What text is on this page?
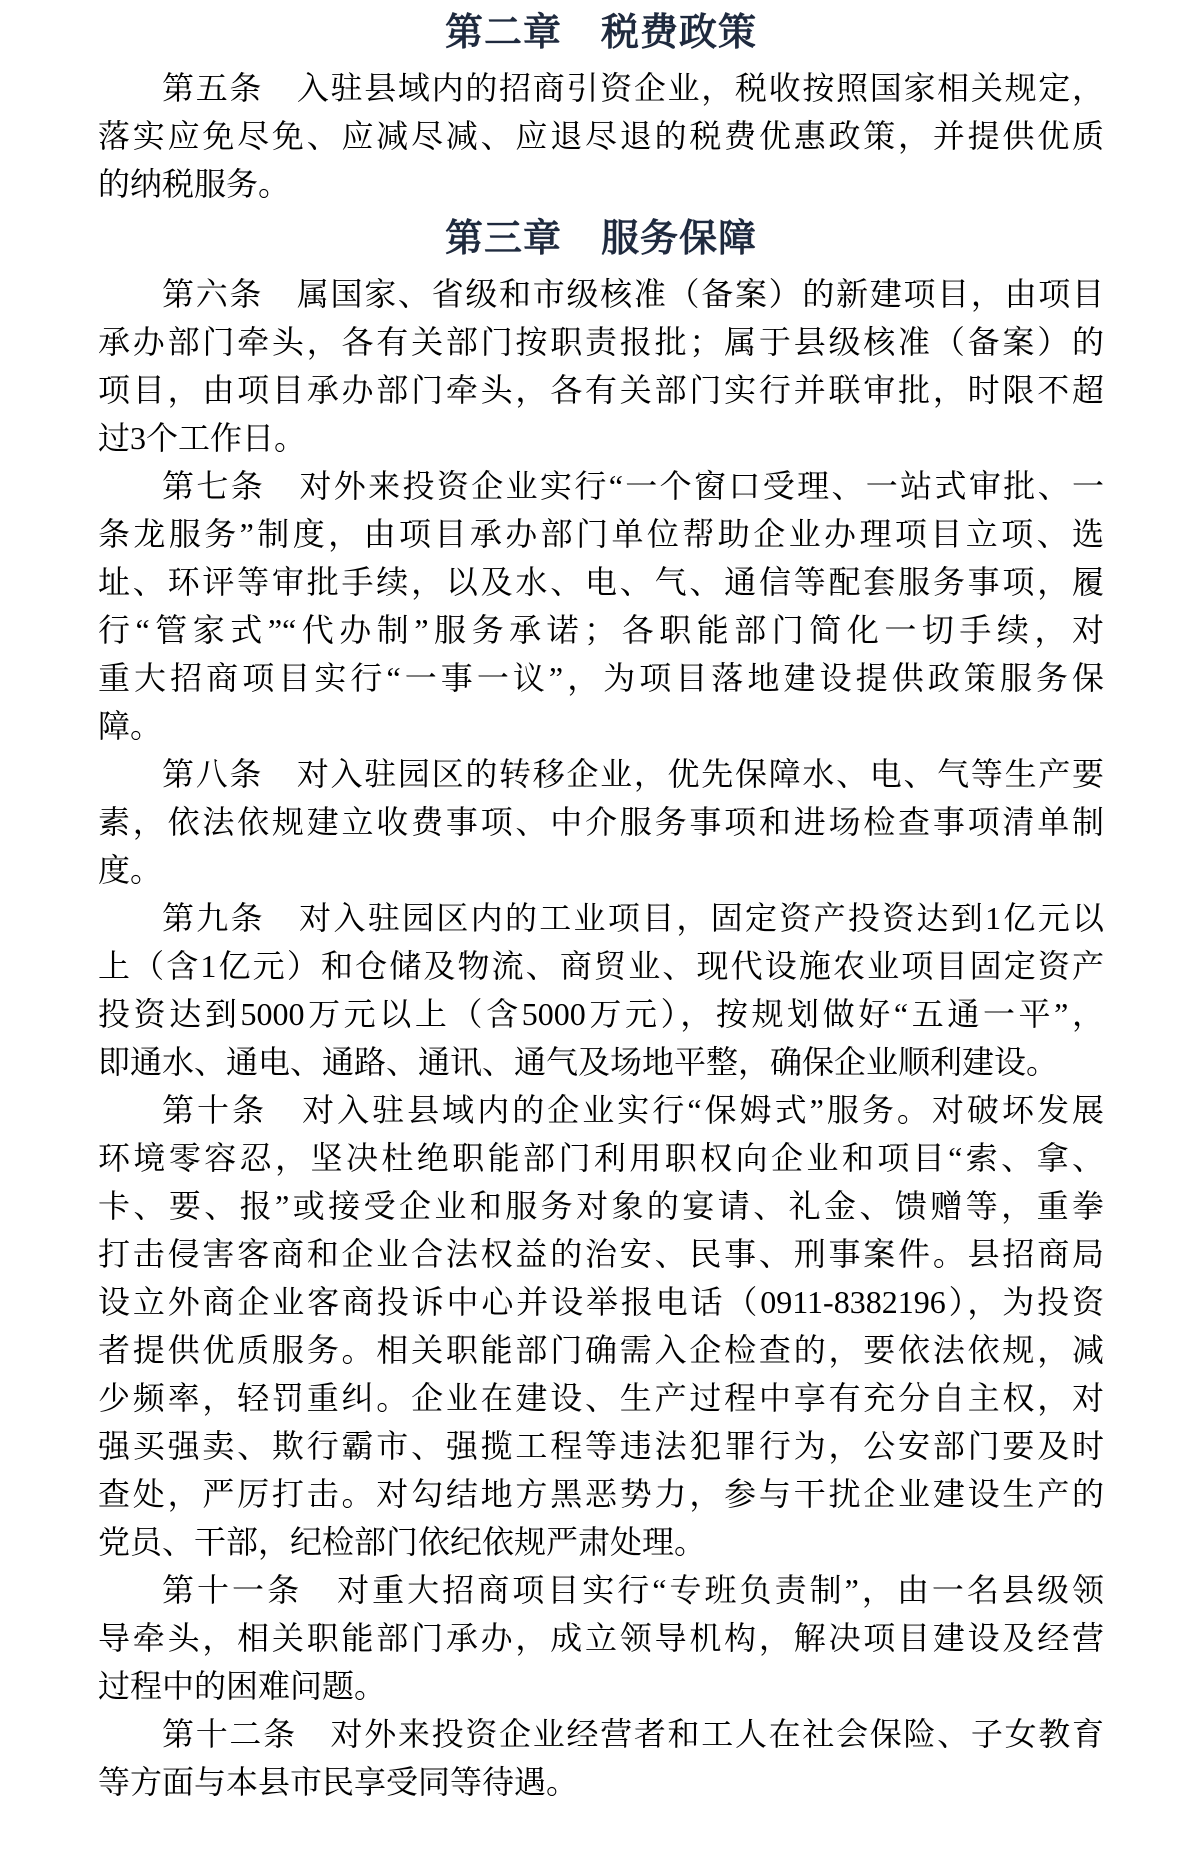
第二章　税费政策
第五条　入驻县域内的招商引资企业，税收按照国家相关规定，
落实应免尽免、应减尽减、应退尽退的税费优惠政策，并提供优质
的纳税服务。
第三章　服务保障
第六条　属国家、省级和市级核准（备案）的新建项目，由项目
承办部门牵头，各有关部门按职责报批；属于县级核准（备案）的
项目，由项目承办部门牵头，各有关部门实行并联审批，时限不超
过3个工作日。
第七条　对外来投资企业实行“一个窗口受理、一站式审批、一
条龙服务”制度，由项目承办部门单位帮助企业办理项目立项、选
址、环评等审批手续，以及水、电、气、通信等配套服务事项，履
行“管家式”“代办制”服务承诺；各职能部门简化一切手续，对
重大招商项目实行“一事一议”，为项目落地建设提供政策服务保
障。
第八条　对入驻园区的转移企业，优先保障水、电、气等生产要
素，依法依规建立收费事项、中介服务事项和进场检查事项清单制
度。
第九条　对入驻园区内的工业项目，固定资产投资达到1亿元以
上（含1亿元）和仓储及物流、商贸业、现代设施农业项目固定资产
投资达到5000万元以上（含5000万元），按规划做好“五通一平”，
即通水、通电、通路、通讯、通气及场地平整，确保企业顺利建设。
第十条　对入驻县域内的企业实行“保姆式”服务。对破坏发展
环境零容忍，坚决杜绝职能部门利用职权向企业和项目“索、拿、
卡、要、报”或接受企业和服务对象的宴请、礼金、馈赠等，重拳
打击侵害客商和企业合法权益的治安、民事、刑事案件。县招商局
设立外商企业客商投诉中心并设举报电话（0911-8382196），为投资
者提供优质服务。相关职能部门确需入企检查的，要依法依规，减
少频率，轻罚重纠。企业在建设、生产过程中享有充分自主权，对
强买强卖、欺行霸市、强揽工程等违法犯罪行为，公安部门要及时
查处，严厉打击。对勾结地方黑恶势力，参与干扰企业建设生产的
党员、干部，纪检部门依纪依规严肃处理。
第十一条　对重大招商项目实行“专班负责制”，由一名县级领
导牵头，相关职能部门承办，成立领导机构，解决项目建设及经营
过程中的困难问题。
第十二条　对外来投资企业经营者和工人在社会保险、子女教育
等方面与本县市民享受同等待遇。
